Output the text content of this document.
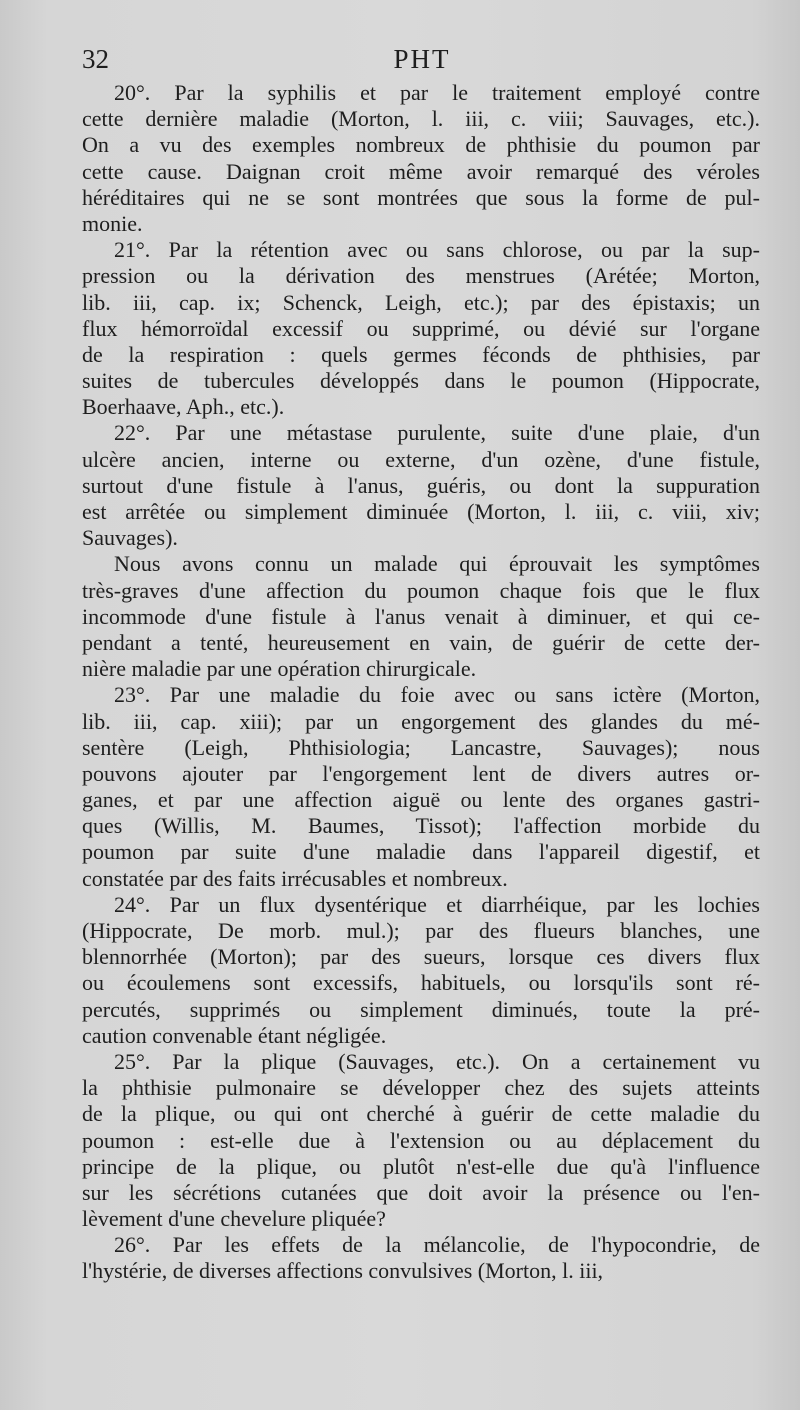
32	PHT
20°. Par la syphilis et par le traitement employé contre
cette dernière maladie (Morton, l. iii, c. viii; Sauvages, etc.).
On a vu des exemples nombreux de phthisie du poumon par
cette cause. Daignan croit même avoir remarqué des véroles
héréditaires qui ne se sont montrées que sous la forme de pul-
monie.
21°. Par la rétention avec ou sans chlorose, ou par la sup-
pression ou la dérivation des menstrues (Arétée; Morton,
lib. iii, cap. ix; Schenck, Leigh, etc.); par des épistaxis; un
flux hémorroïdal excessif ou supprimé, ou dévié sur l'organe
de la respiration : quels germes féconds de phthisies, par
suites de tubercules développés dans le poumon (Hippocrate,
Boerhaave, Aph., etc.).
22°. Par une métastase purulente, suite d'une plaie, d'un
ulcère ancien, interne ou externe, d'un ozène, d'une fistule,
surtout d'une fistule à l'anus, guéris, ou dont la suppuration
est arrêtée ou simplement diminuée (Morton, l. iii, c. viii, xiv;
Sauvages).
Nous avons connu un malade qui éprouvait les symptômes
très-graves d'une affection du poumon chaque fois que le flux
incommode d'une fistule à l'anus venait à diminuer, et qui ce-
pendant a tenté, heureusement en vain, de guérir de cette der-
nière maladie par une opération chirurgicale.
23°. Par une maladie du foie avec ou sans ictère (Morton,
lib. iii, cap. xiii); par un engorgement des glandes du mé-
sentère (Leigh, Phthisiologia; Lancastre, Sauvages); nous
pouvons ajouter par l'engorgement lent de divers autres or-
ganes, et par une affection aiguë ou lente des organes gastri-
ques (Willis, M. Baumes, Tissot); l'affection morbide du
poumon par suite d'une maladie dans l'appareil digestif, et
constatée par des faits irrécusables et nombreux.
24°. Par un flux dysentérique et diarrhéique, par les lochies
(Hippocrate, De morb. mul.); par des flueurs blanches, une
blennorrhée (Morton); par des sueurs, lorsque ces divers flux
ou écoulemens sont excessifs, habituels, ou lorsqu'ils sont ré-
percutés, supprimés ou simplement diminués, toute la pré-
caution convenable étant négligée.
25°. Par la plique (Sauvages, etc.). On a certainement vu
la phthisie pulmonaire se développer chez des sujets atteints
de la plique, ou qui ont cherché à guérir de cette maladie du
poumon : est-elle due à l'extension ou au déplacement du
principe de la plique, ou plutôt n'est-elle due qu'à l'influence
sur les sécrétions cutanées que doit avoir la présence ou l'en-
lèvement d'une chevelure pliquée?
26°. Par les effets de la mélancolie, de l'hypocondrie, de
l'hystérie, de diverses affections convulsives (Morton, l. iii,
